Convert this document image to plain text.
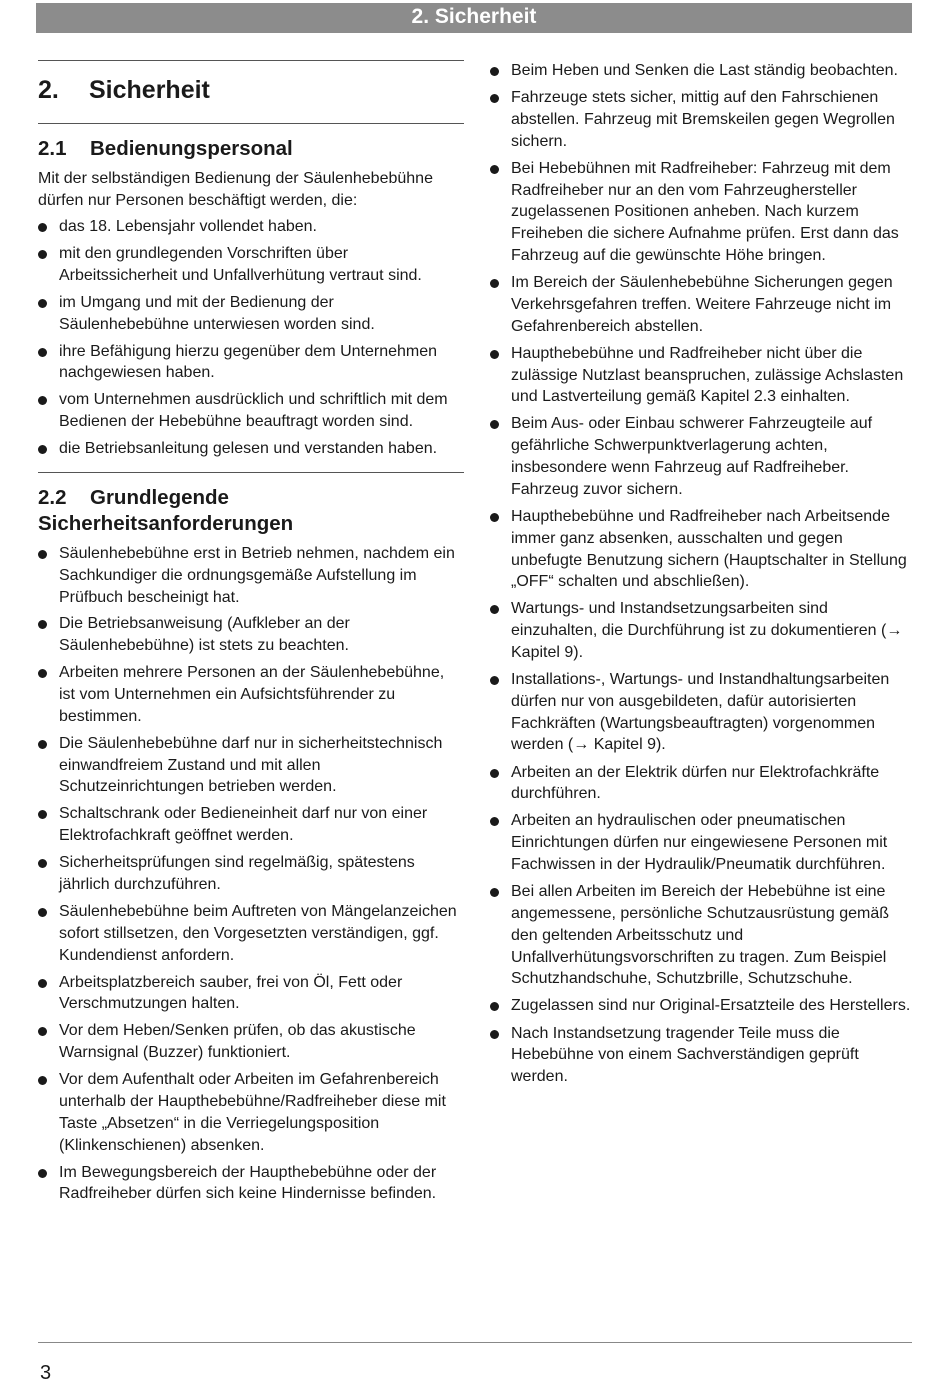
2. Sicherheit
2. Sicherheit
2.1 Bedienungspersonal

Mit der selbständigen Bedienung der Säulenhebebühne dürfen nur Personen beschäftigt werden, die:

das 18. Lebensjahr vollendet haben.
mit den grundlegenden Vorschriften über Arbeitssicherheit und Unfallverhütung vertraut sind.
im Umgang und mit der Bedienung der Säulenhebebühne unterwiesen worden sind.
ihre Befähigung hierzu gegenüber dem Unternehmen nachgewiesen haben.
vom Unternehmen ausdrücklich und schriftlich mit dem Bedienen der Hebebühne beauftragt worden sind.
die Betriebsanleitung gelesen und verstanden haben.
2.2 Grundlegende Sicherheitsanforderungen
Säulenhebebühne erst in Betrieb nehmen, nachdem ein Sachkundiger die ordnungsgemäße Aufstellung im Prüfbuch bescheinigt hat.
Die Betriebsanweisung (Aufkleber an der Säulenhebebühne) ist stets zu beachten.
Arbeiten mehrere Personen an der Säulenhebebühne, ist vom Unternehmen ein Aufsichtsführender zu bestimmen.
Die Säulenhebebühne darf nur in sicherheitstechnisch einwandfreiem Zustand und mit allen Schutzeinrichtungen betrieben werden.
Schaltschrank oder Bedieneinheit darf nur von einer Elektrofachkraft geöffnet werden.
Sicherheitsprüfungen sind regelmäßig, spätestens jährlich durchzuführen.
Säulenhebebühne beim Auftreten von Mängelanzeichen sofort stillsetzen, den Vorgesetzten verständigen, ggf. Kundendienst anfordern.
Arbeitsplatzbereich sauber, frei von Öl, Fett oder Verschmutzungen halten.
Vor dem Heben/Senken prüfen, ob das akustische Warnsignal (Buzzer) funktioniert.
Vor dem Aufenthalt oder Arbeiten im Gefahrenbereich unterhalb der Haupthebebühne/Radfreiheber diese mit Taste „Absetzen“ in die Verriegelungsposition (Klinkenschienen) absenken.
Im Bewegungsbereich der Haupthebebühne oder der Radfreiheber dürfen sich keine Hindernisse befinden.
Beim Heben und Senken die Last ständig beobachten.
Fahrzeuge stets sicher, mittig auf den Fahrschienen abstellen. Fahrzeug mit Bremskeilen gegen Wegrollen sichern.
Bei Hebebühnen mit Radfreiheber: Fahrzeug mit dem Radfreiheber nur an den vom Fahrzeughersteller zugelassenen Positionen anheben. Nach kurzem Freiheben die sichere Aufnahme prüfen. Erst dann das Fahrzeug auf die gewünschte Höhe bringen.
Im Bereich der Säulenhebebühne Sicherungen gegen Verkehrsgefahren treffen. Weitere Fahrzeuge nicht im Gefahrenbereich abstellen.
Haupthebebühne und Radfreiheber nicht über die zulässige Nutzlast beanspruchen, zulässige Achslasten und Lastverteilung gemäß Kapitel 2.3 einhalten.
Beim Aus- oder Einbau schwerer Fahrzeugteile auf gefährliche Schwerpunktverlagerung achten, insbesondere wenn Fahrzeug auf Radfreiheber. Fahrzeug zuvor sichern.
Haupthebebühne und Radfreiheber nach Arbeitsende immer ganz absenken, ausschalten und gegen unbefugte Benutzung sichern (Hauptschalter in Stellung „OFF“ schalten und abschließen).
Wartungs- und Instandsetzungsarbeiten sind einzuhalten, die Durchführung ist zu dokumentieren (→ Kapitel 9).
Installations-, Wartungs- und Instandhaltungsarbeiten dürfen nur von ausgebildeten, dafür autorisierten Fachkräften (Wartungsbeauftragten) vorgenommen werden (→ Kapitel 9).
Arbeiten an der Elektrik dürfen nur Elektrofachkräfte durchführen.
Arbeiten an hydraulischen oder pneumatischen Einrichtungen dürfen nur eingewiesene Personen mit Fachwissen in der Hydraulik/Pneumatik durchführen.
Bei allen Arbeiten im Bereich der Hebebühne ist eine angemessene, persönliche Schutzausrüstung gemäß den geltenden Arbeitsschutz und Unfallverhütungsvorschriften zu tragen. Zum Beispiel Schutzhandschuhe, Schutzbrille, Schutzschuhe.
Zugelassen sind nur Original-Ersatzteile des Herstellers.
Nach Instandsetzung tragender Teile muss die Hebebühne von einem Sachverständigen geprüft werden.
3
